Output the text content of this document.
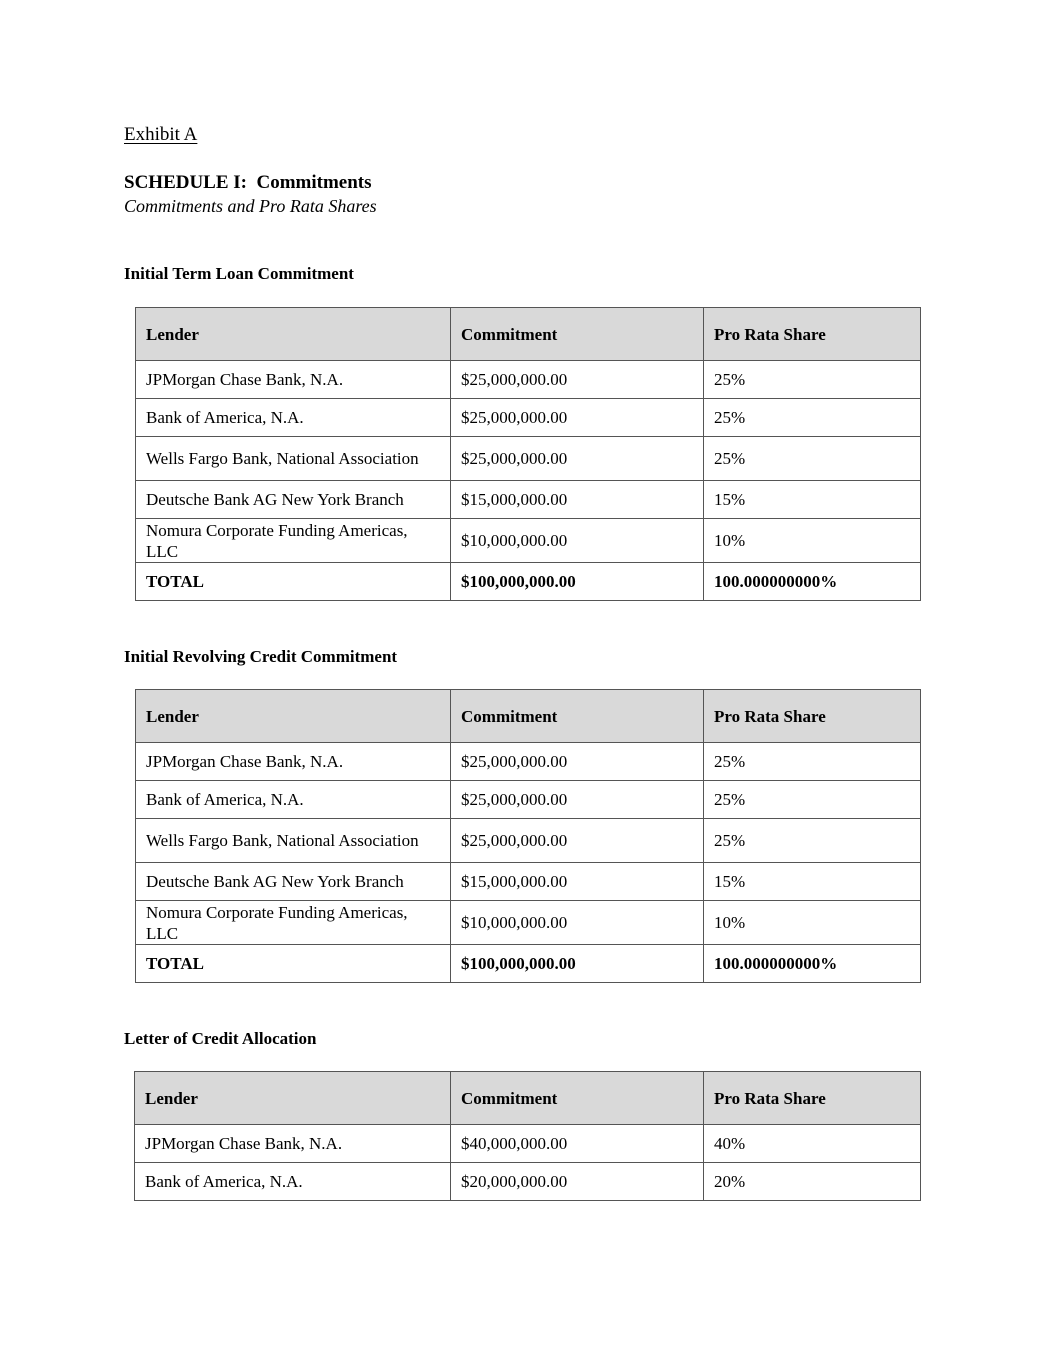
Exhibit A
SCHEDULE I:  Commitments
Commitments and Pro Rata Shares
Initial Term Loan Commitment
Lender	Commitment	Pro Rata Share
JPMorgan Chase Bank, N.A.	$25,000,000.00	25%
Bank of America, N.A.	$25,000,000.00	25%
Wells Fargo Bank, National Association	$25,000,000.00	25%
Deutsche Bank AG New York Branch	$15,000,000.00	15%
Nomura Corporate Funding Americas, LLC	$10,000,000.00	10%
TOTAL	$100,000,000.00	100.000000000%
Initial Revolving Credit Commitment
Lender	Commitment	Pro Rata Share
JPMorgan Chase Bank, N.A.	$25,000,000.00	25%
Bank of America, N.A.	$25,000,000.00	25%
Wells Fargo Bank, National Association	$25,000,000.00	25%
Deutsche Bank AG New York Branch	$15,000,000.00	15%
Nomura Corporate Funding Americas, LLC	$10,000,000.00	10%
TOTAL	$100,000,000.00	100.000000000%
Letter of Credit Allocation
Lender	Commitment	Pro Rata Share
JPMorgan Chase Bank, N.A.	$40,000,000.00	40%
Bank of America, N.A.	$20,000,000.00	20%
